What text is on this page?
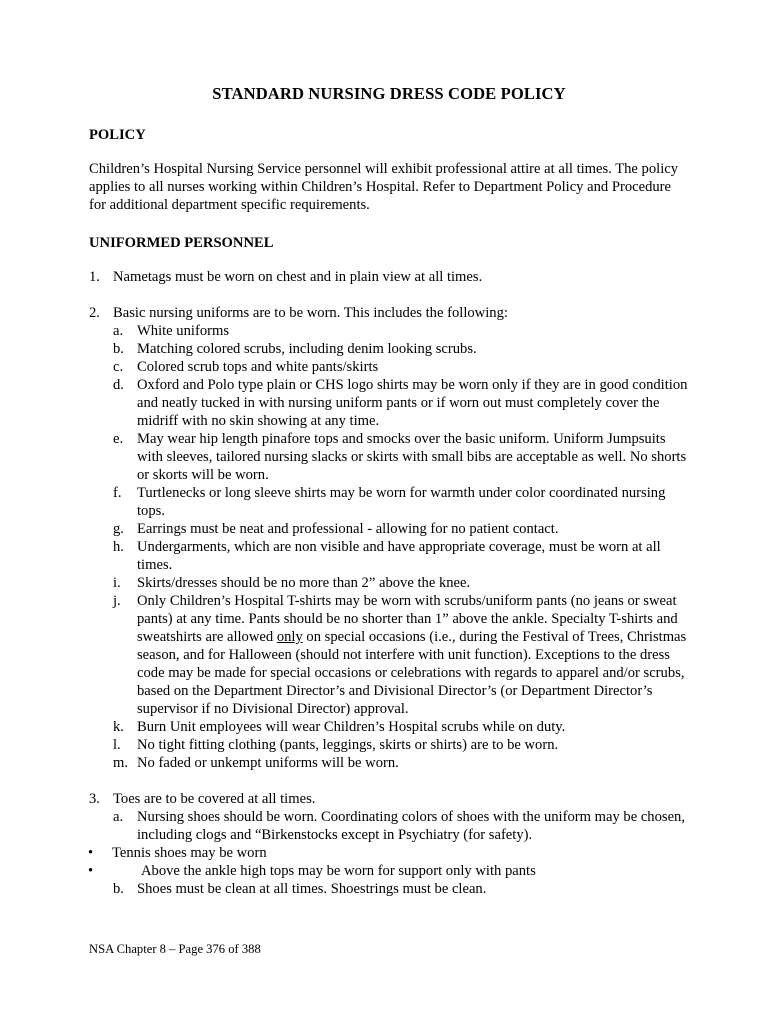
STANDARD NURSING DRESS CODE POLICY
POLICY

Children’s Hospital Nursing Service personnel will exhibit professional attire at all times. The policy applies to all nurses working within Children’s Hospital. Refer to Department Policy and Procedure for additional department specific requirements.

UNIFORMED PERSONNEL
1. Nametags must be worn on chest and in plain view at all times.
2. Basic nursing uniforms are to be worn. This includes the following:
a. White uniforms
b. Matching colored scrubs, including denim looking scrubs.
c. Colored scrub tops and white pants/skirts
d. Oxford and Polo type plain or CHS logo shirts may be worn only if they are in good condition and neatly tucked in with nursing uniform pants or if worn out must completely cover the midriff with no skin showing at any time.
e. May wear hip length pinafore tops and smocks over the basic uniform. Uniform Jumpsuits with sleeves, tailored nursing slacks or skirts with small bibs are acceptable as well. No shorts or skorts will be worn.
f.	Turtlenecks or long sleeve shirts may be worn for warmth under color coordinated nursing tops.
g. Earrings must be neat and professional - allowing for no patient contact.
h. Undergarments, which are non visible and have appropriate coverage, must be worn at all times.
i.	Skirts/dresses should be no more than 2” above the knee.
j.	Only Children’s Hospital T-shirts may be worn with scrubs/uniform pants (no jeans or sweat pants) at any time. Pants should be no shorter than 1” above the ankle. Specialty T-shirts and sweatshirts are allowed only on special occasions (i.e., during the Festival of Trees, Christmas season, and for Halloween (should not interfere with unit function). Exceptions to the dress code may be made for special occasions or celebrations with regards to apparel and/or scrubs, based on the Department Director’s and Divisional Director’s (or Department Director’s supervisor if no Divisional Director) approval.
k. Burn Unit employees will wear Children’s Hospital scrubs while on duty.
l.	No tight fitting clothing (pants, leggings, skirts or shirts) are to be worn.
m. No faded or unkempt uniforms will be worn.
3. Toes are to be covered at all times.
a. Nursing shoes should be worn. Coordinating colors of shoes with the uniform may be chosen, including clogs and “Birkenstocks except in Psychiatry (for safety).
•	Tennis shoes may be worn
•	Above the ankle high tops may be worn for support only with pants
b. Shoes must be clean at all times. Shoestrings must be clean.
NSA Chapter 8 – Page 376 of 388
